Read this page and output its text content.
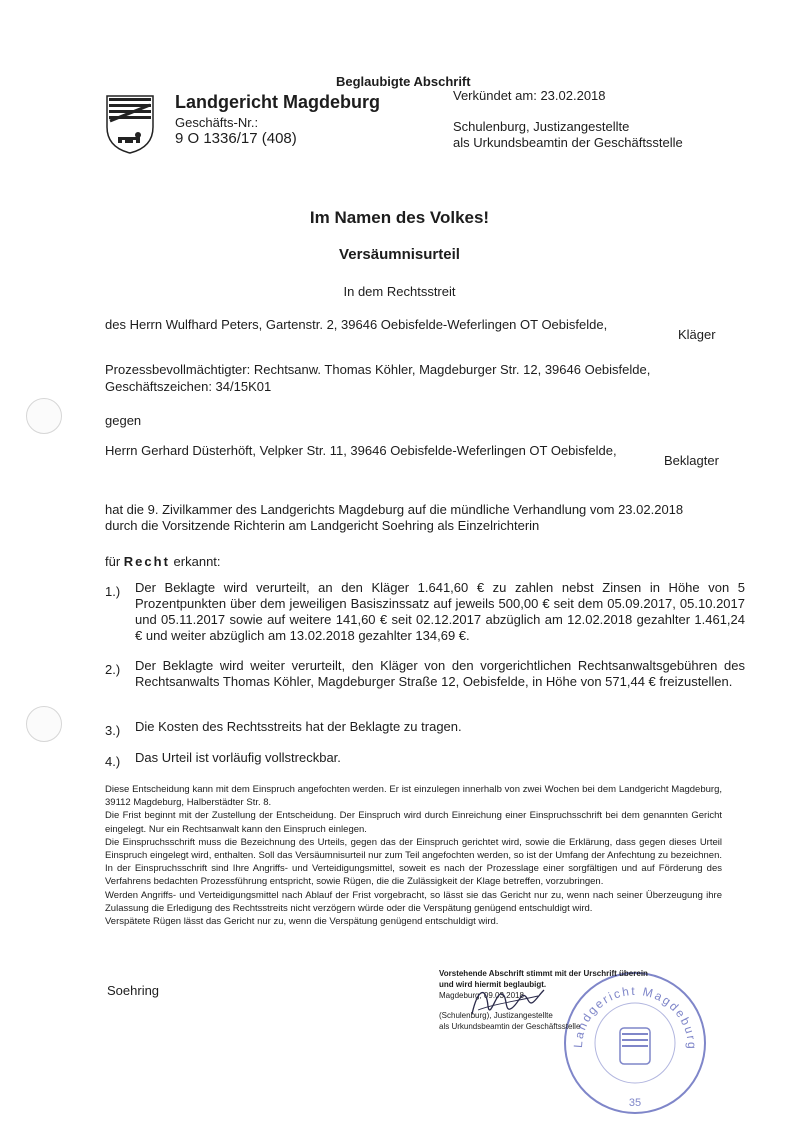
Beglaubigte Abschrift
Landgericht Magdeburg
Geschäfts-Nr.:
9 O 1336/17 (408)
Verkündet am: 23.02.2018
Schulenburg, Justizangestellte
als Urkundsbeamtin der Geschäftsstelle
Im Namen des Volkes!
Versäumnisurteil
In dem Rechtsstreit
des Herrn Wulfhard Peters, Gartenstr. 2, 39646 Oebisfelde-Weferlingen OT Oebisfelde,
Kläger
Prozessbevollmächtigter: Rechtsanw. Thomas Köhler, Magdeburger Str. 12, 39646 Oebisfelde,
Geschäftszeichen: 34/15K01
gegen
Herrn Gerhard Düsterhöft, Velpker Str. 11, 39646 Oebisfelde-Weferlingen OT Oebisfelde,
Beklagter
hat die 9. Zivilkammer des Landgerichts Magdeburg auf die mündliche Verhandlung vom 23.02.2018
durch die Vorsitzende Richterin am Landgericht Soehring als Einzelrichterin
für Recht erkannt:
1.)	Der Beklagte wird verurteilt, an den Kläger 1.641,60 € zu zahlen nebst Zinsen in Höhe von 5 Prozentpunkten über dem jeweiligen Basiszinssatz auf jeweils 500,00 € seit dem 05.09.2017, 05.10.2017 und 05.11.2017 sowie auf weitere 141,60 € seit 02.12.2017 abzüglich am 12.02.2018 gezahlter 1.461,24 € und weiter abzüglich am 13.02.2018 gezahlter 134,69 €.
2.)	Der Beklagte wird weiter verurteilt, den Kläger von den vorgerichtlichen Rechtsanwaltsgebühren des Rechtsanwalts Thomas Köhler, Magdeburger Straße 12, Oebisfelde, in Höhe von 571,44 € freizustellen.
3.)	Die Kosten des Rechtsstreits hat der Beklagte zu tragen.
4.)	Das Urteil ist vorläufig vollstreckbar.

Diese Entscheidung kann mit dem Einspruch angefochten werden. Er ist einzulegen innerhalb von zwei Wochen bei dem Landgericht Magdeburg, 39112 Magdeburg, Halberstädter Str. 8.

Die Frist beginnt mit der Zustellung der Entscheidung. Der Einspruch wird durch Einreichung einer Einspruchsschrift bei dem genannten Gericht eingelegt. Nur ein Rechtsanwalt kann den Einspruch einlegen.

Die Einspruchsschrift muss die Bezeichnung des Urteils, gegen das der Einspruch gerichtet wird, sowie die Erklärung, dass gegen dieses Urteil Einspruch eingelegt wird, enthalten. Soll das Versäumnisurteil nur zum Teil angefochten werden, so ist der Umfang der Anfechtung zu bezeichnen. In der Einspruchsschrift sind Ihre Angriffs- und Verteidigungsmittel, soweit es nach der Prozesslage einer sorgfältigen und auf Förderung des Verfahrens bedachten Prozessführung entspricht, sowie Rügen, die die Zulässigkeit der Klage betreffen, vorzubringen.

Werden Angriffs- und Verteidigungsmittel nach Ablauf der Frist vorgebracht, so lässt sie das Gericht nur zu, wenn nach seiner Überzeugung ihre Zulassung die Erledigung des Rechtsstreits nicht verzögern würde oder die Verspätung genügend entschuldigt wird.

Verspätete Rügen lässt das Gericht nur zu, wenn die Verspätung genügend entschuldigt wird.

Soehring
Landgericht Magdeburg
35
Vorstehende Abschrift stimmt mit der Urschrift überein
und wird hiermit beglaubigt.
Magdeburg, 09.03.2018
(Schulenburg), Justizangestellte
als Urkundsbeamtin der Geschäftsstelle
